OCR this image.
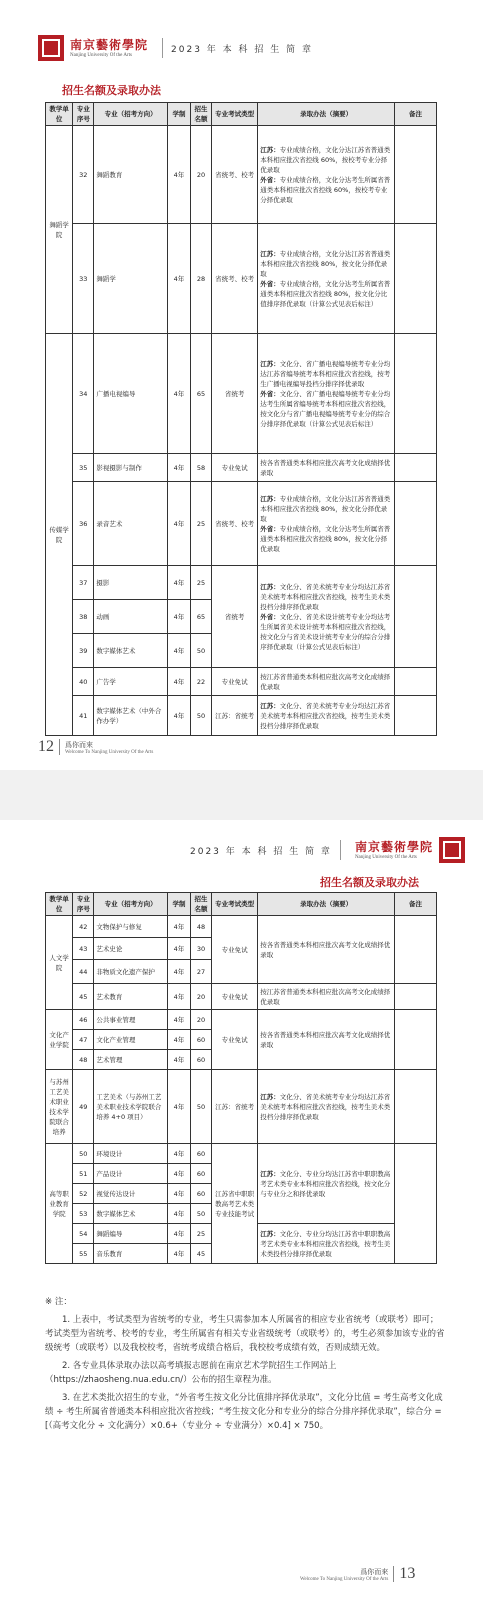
南京藝術學院
Nanjing University Of the Arts
2023 年 本 科 招 生 简 章
招生名额及录取办法
教学单位	专业序号	专业（招考方向）	学制	招生名额	专业考试类型	录取办法（摘要）	备注
舞蹈学院	32	舞蹈教育	4年	20	省统考、校考	江苏：专业成绩合格，文化分达江苏省普通类本科相应批次省控线 60%，按校考专业分择优录取
外省：专业成绩合格，文化分达考生所属省普通类本科相应批次省控线 60%，按校考专业分择优录取	
	33	舞蹈学	4年	28	省统考、校考	江苏：专业成绩合格，文化分达江苏省普通类本科相应批次省控线 80%，按文化分择优录取
外省：专业成绩合格，文化分达考生所属省普通类本科相应批次省控线 80%，按文化分比值排序择优录取（计算公式见表后标注）	
传媒学院	34	广播电视编导	4年	65	省统考	江苏：文化分、省广播电视编导统考专业分均达江苏省编导统考本科相应批次省控线，按考生广播电视编导投档分排序择优录取
外省：文化分、省广播电视编导统考专业分均达考生所属省编导统考本科相应批次省控线，按文化分与省广播电视编导统考专业分的综合分排序择优录取（计算公式见表后标注）	
	35	影视摄影与制作	4年	58	专业免试	按各省普通类本科相应批次高考文化成绩择优录取	
	36	录音艺术	4年	25	省统考、校考	江苏：专业成绩合格，文化分达江苏省普通类本科相应批次省控线 80%，按文化分择优录取
外省：专业成绩合格，文化分达考生所属省普通类本科相应批次省控线 80%，按文化分择优录取	
	37	摄影	4年	25	省统考	江苏：文化分、省美术统考专业分均达江苏省美术统考本科相应批次省控线，按考生美术类投档分排序择优录取
外省：文化分、省美术设计统考专业分均达考生所属省美术设计统考本科相应批次省控线，按文化分与省美术设计统考专业分的综合分排序择优录取（计算公式见表后标注）	
	38	动画	4年	65			
	39	数字媒体艺术	4年	50			
	40	广告学	4年	22	专业免试	按江苏省普通类本科相应批次高考文化成绩择优录取	
	41	数字媒体艺术（中外合作办学）	4年	50	江苏：省统考	江苏：文化分、省美术统考专业分均达江苏省美术统考本科相应批次省控线，按考生美术类投档分排序择优录取	
12 爲你而來
Welcome To Nanjing University Of the Arts
2023 年 本 科 招 生 简 章 南京藝術學院
Nanjing University Of the Arts
招生名额及录取办法
教学单位	专业序号	专业（招考方向）	学制	招生名额	专业考试类型	录取办法（摘要）	备注
人文学院	42	文物保护与修复	4年	48	专业免试	按各省普通类本科相应批次高考文化成绩择优录取	
	43	艺术史论	4年	30			
	44	非物质文化遗产保护	4年	27			
	45	艺术教育	4年	20	专业免试	按江苏省普通类本科相应批次高考文化成绩择优录取	
文化产业学院	46	公共事业管理	4年	20	专业免试	按各省普通类本科相应批次高考文化成绩择优录取	
	47	文化产业管理	4年	60			
	48	艺术管理	4年	60			
与苏州工艺美术职业技术学院联合培养	49	工艺美术（与苏州工艺美术职业技术学院联合培养 4+0 项目）	4年	50	江苏：省统考	江苏：文化分、省美术统考专业分均达江苏省美术统考本科相应批次省控线，按考生美术类投档分排序择优录取	
高等职业教育学院	50	环境设计	4年	60	江苏省中职职教高考艺术类专业技能考试	江苏：文化分、专业分均达江苏省中职职教高考艺术类专业本科相应批次省控线，按文化分与专业分之和择优录取	
	51	产品设计	4年	60			
	52	视觉传达设计	4年	60			
	53	数字媒体艺术	4年	50			
	54	舞蹈编导	4年	25		江苏：文化分、专业分均达江苏省中职职教高考艺术类专业本科相应批次省控线，按考生美术类投档分排序择优录取	
	55	音乐教育	4年	45			

※ 注：

1. 上表中，考试类型为省统考的专业，考生只需参加本人所属省的相应专业省统考（或联考）即可；考试类型为省统考、校考的专业，考生所属省有相关专业省级统考（或联考）的，考生必须参加该专业的省级统考（或联考）以及我校校考，省统考成绩合格后，我校校考成绩有效，否则成绩无效。

2. 各专业具体录取办法以高考填报志愿前在南京艺术学院招生工作网站上（https://zhaosheng.nua.edu.cn/）公布的招生章程为准。

3. 在艺术类批次招生的专业，“外省考生按文化分比值排序择优录取”，文化分比值 = 考生高考文化成绩 ÷ 考生所属省普通类本科相应批次省控线；“考生按文化分和专业分的综合分排序择优录取”，综合分 =[（高考文化分 ÷ 文化满分）×0.6+（专业分 ÷ 专业满分）×0.4] × 750。

爲你而來
Welcome To Nanjing University Of the Arts 13
